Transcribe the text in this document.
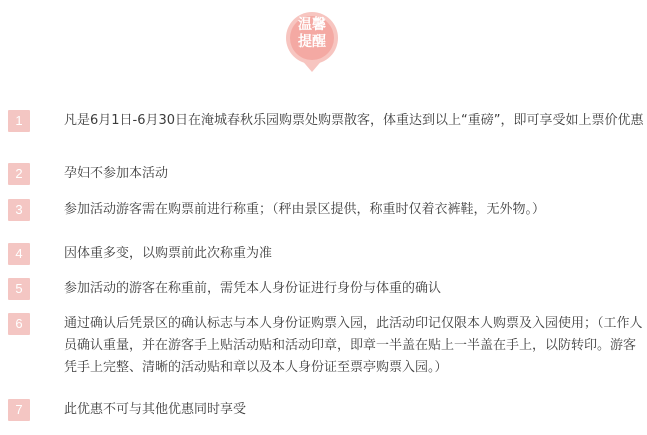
温馨
提醒
1	凡是6月1日-6月30日在淹城春秋乐园购票处购票散客，体重达到以上“重磅”，即可享受如上票价优惠
2	孕妇不参加本活动
3	参加活动游客需在购票前进行称重；（秤由景区提供，称重时仅着衣裤鞋，无外物。）
4	因体重多变，以购票前此次称重为准
5	参加活动的游客在称重前，需凭本人身份证进行身份与体重的确认
6	通过确认后凭景区的确认标志与本人身份证购票入园，此活动印记仅限本人购票及入园使用；（工作人员确认重量，并在游客手上贴活动贴和活动印章，即章一半盖在贴上一半盖在手上，以防转印。游客凭手上完整、清晰的活动贴和章以及本人身份证至票亭购票入园。）
7	此优惠不可与其他优惠同时享受
